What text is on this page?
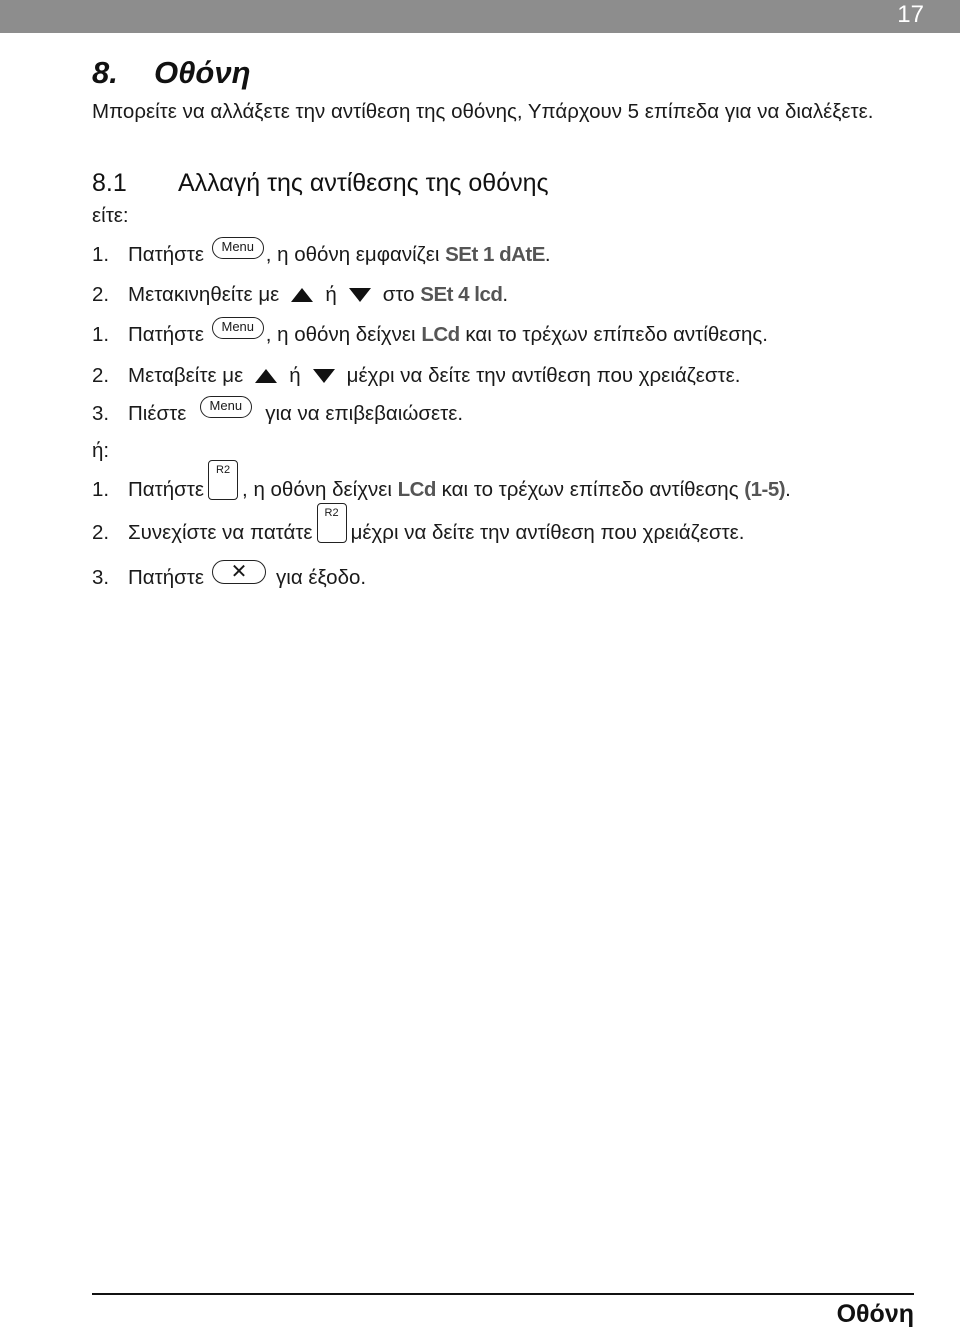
17
8. Οθόνη
Μπορείτε να αλλάξετε την αντίθεση της οθόνης, Υπάρχουν 5 επίπεδα για να διαλέξετε.
8.1 Αλλαγή της αντίθεσης της οθόνης
είτε:
1. Πατήστε
	Menu , η οθόνη εμφανίζει
SEt 1 dAtE .
2. Μετακινηθείτε με ή στο
SEt 4 lcd .
1. Πατήστε
	Menu , η οθόνη δείχνει
LCd
και το τρέχων επίπεδο αντίθεσης.
2. Μεταβείτε με ή μέχρι να δείτε την αντίθεση που χρειάζεστε.
3. Πιέστε
	Menu
	για να επιβεβαιώσετε.
ή:
1. Πατήστε
R2
, η οθόνη δείχνει
LCd
και το τρέχων επίπεδο αντίθεσης
(1-5) .
2. Συνεχίστε να πατάτε
R2
μέχρι να δείτε την αντίθεση που χρειάζεστε.
3. Πατήστε	✕	για έξοδο.
Οθόνη
